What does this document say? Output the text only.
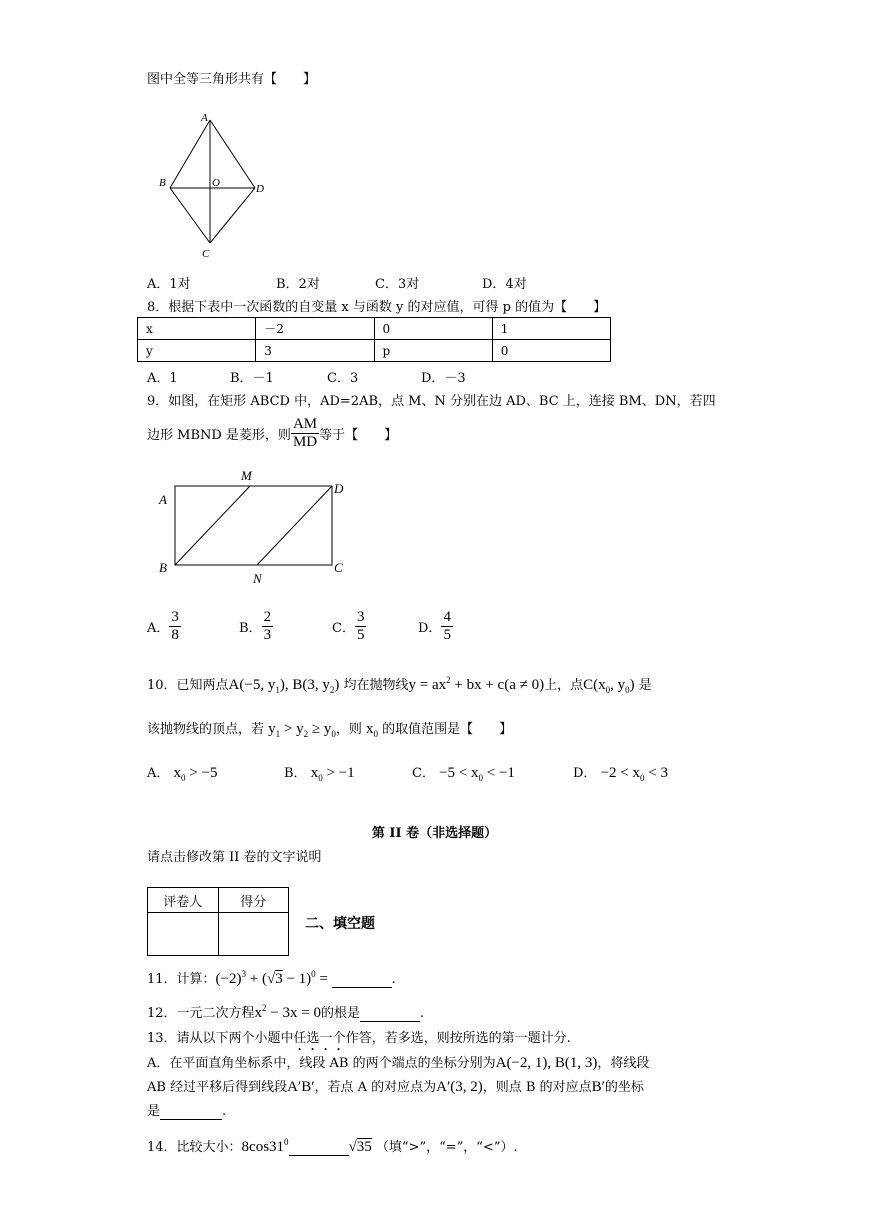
图中全等三角形共有【　　】
A
B	O	D
C
A．1对	B．2对	C．3对	D．4对
8．根据下表中一次函数的自变量 x 与函数 y 的对应值，可得 p 的值为【　　】
x	－2	0	1
y	3	p	0
A．1	B．－1	C．3	D．－3
9．如图，在矩形 ABCD 中，AD=2AB，点 M、N 分别在边 AD、BC 上，连接 BM、DN，若四
边形 MBND 是菱形，则 $\frac{AM}{MD}$ 等于【　　】
A
M
D
B
N
C
A． $\frac{3}{8}$	B． $\frac{2}{3}$	C． $\frac{3}{5}$	D． $\frac{4}{5}$
10．已知两点A(−5, $y_1$), B(3, $y_2$) 均在抛物线$y = ax^2$ + bx + c(a ≠ 0)上，点$C(x_0$, $y_0$) 是
该抛物线的顶点，若 $y_1 > y_2 \ge y_0$，则 $x_0$ 的取值范围是【　　】
A． $x_0 > -5$	B． $x_0 > -1$	C． $-5 < x_0 < -1$	D． $-2 < x_0 < 3$
第 II 卷（非选择题）
请点击修改第 II 卷的文字说明
评卷人	得分

二、填空题
11．计算：$(-2)^3 + (√3 - 1)^0$ =	.
12．一元二次方程$x^2 - 3x = 0$的根是	.
13．请从以下两个小题中任选一个作答，若多选，则按所选的第一题计分.
A．在平面直角坐标系中，线段 AB 的两个端点的坐标分别为A(−2, 1), B(1, 3)，将线段
AB 经过平移后得到线段A′B′，若点 A 的对应点为A′(3, 2)，则点 B 的对应点B′的坐标
是	.
14．比较大小：$8\cos 31^0$	√35 （填“>”，“=”，“<”）.
